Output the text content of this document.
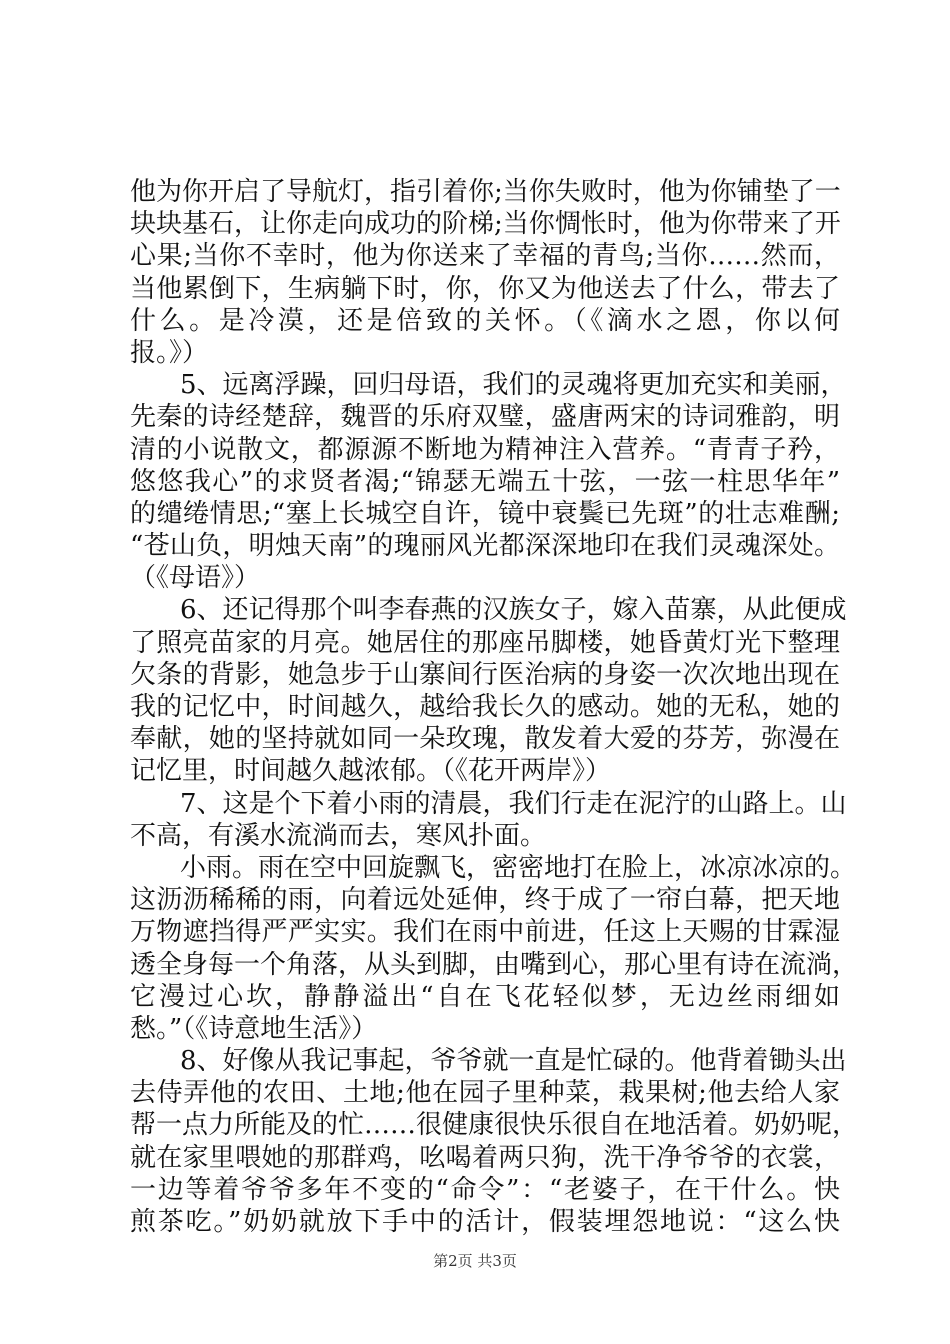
他为你开启了导航灯，指引着你;当你失败时，他为你铺垫了一
块块基石，让你走向成功的阶梯;当你惆怅时，他为你带来了开
心果;当你不幸时，他为你送来了幸福的青鸟;当你……然而，
当他累倒下，生病躺下时，你，你又为他送去了什么，带去了
什么。是冷漠，还是倍致的关怀。（《滴水之恩，你以何
报。》）
5、远离浮躁，回归母语，我们的灵魂将更加充实和美丽，
先秦的诗经楚辞，魏晋的乐府双璧，盛唐两宋的诗词雅韵，明
清的小说散文，都源源不断地为精神注入营养。“青青子矜，
悠悠我心”的求贤者渴;“锦瑟无端五十弦，一弦一柱思华年”
的缱绻情思;“塞上长城空自许，镜中衰鬓已先斑”的壮志难酬;
“苍山负，明烛天南”的瑰丽风光都深深地印在我们灵魂深处。
（《母语》）
6、还记得那个叫李春燕的汉族女子，嫁入苗寨，从此便成
了照亮苗家的月亮。她居住的那座吊脚楼，她昏黄灯光下整理
欠条的背影，她急步于山寨间行医治病的身姿一次次地出现在
我的记忆中，时间越久，越给我长久的感动。她的无私，她的
奉献，她的坚持就如同一朵玫瑰，散发着大爱的芬芳，弥漫在
记忆里，时间越久越浓郁。（《花开两岸》）
7、这是个下着小雨的清晨，我们行走在泥泞的山路上。山
不高，有溪水流淌而去，寒风扑面。
小雨。雨在空中回旋飘飞，密密地打在脸上，冰凉冰凉的。
这沥沥稀稀的雨，向着远处延伸，终于成了一帘白幕，把天地
万物遮挡得严严实实。我们在雨中前进，任这上天赐的甘霖湿
透全身每一个角落，从头到脚，由嘴到心，那心里有诗在流淌，
它漫过心坎，静静溢出“自在飞花轻似梦，无边丝雨细如
愁。”（《诗意地生活》）
8、好像从我记事起，爷爷就一直是忙碌的。他背着锄头出
去侍弄他的农田、土地;他在园子里种菜，栽果树;他去给人家
帮一点力所能及的忙……很健康很快乐很自在地活着。奶奶呢，
就在家里喂她的那群鸡，吆喝着两只狗，洗干净爷爷的衣裳，
一边等着爷爷多年不变的“命令”：“老婆子，在干什么。快
煎茶吃。”奶奶就放下手中的活计，假装埋怨地说：“这么快
第2页 共3页
